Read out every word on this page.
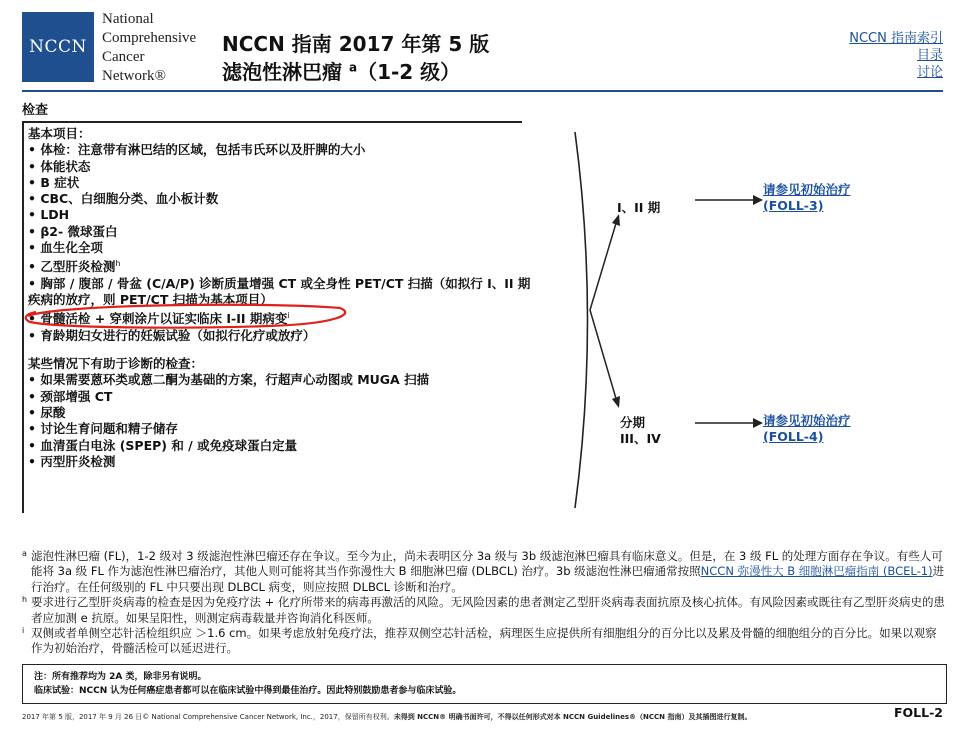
NCCN
National
Comprehensive
Cancer
Network®
NCCN 指南 2017 年第 5 版
滤泡性淋巴瘤 $^a$（1-2 级）
NCCN 指南索引
目录
讨论
检查
基本项目：
• 体检：注意带有淋巴结的区域，包括韦氏环以及肝脾的大小
• 体能状态
• B 症状
• CBC、白细胞分类、血小板计数
• LDH
• β2- 微球蛋白
• 血生化全项
• 乙型肝炎检测$^h$
• 胸部 / 腹部 / 骨盆 (C/A/P) 诊断质量增强 CT 或全身性 PET/CT 扫描（如拟行 I、II 期
疾病的放疗，则 PET/CT 扫描为基本项目）
• 骨髓活检 + 穿刺涂片以证实临床 I-II 期病变$^i$
• 育龄期妇女进行的妊娠试验（如拟行化疗或放疗）
某些情况下有助于诊断的检查：
• 如果需要蒽环类或蒽二酮为基础的方案，行超声心动图或 MUGA 扫描
• 颈部增强 CT
• 尿酸
• 讨论生育问题和精子储存
• 血清蛋白电泳 (SPEP) 和 / 或免疫球蛋白定量
• 丙型肝炎检测
I、II 期
分期
III、IV
请参见初始治疗
(FOLL-3)
请参见初始治疗
(FOLL-4)
a 滤泡性淋巴瘤 (FL)，1-2 级对 3 级滤泡性淋巴瘤还存在争议。至今为止，尚未表明区分 3a 级与 3b 级滤泡淋巴瘤具有临床意义。但是，在 3 级 FL 的处理方面存在争议。有些人可能将 3a 级 FL 作为滤泡性淋巴瘤治疗，其他人则可能将其当作弥漫性大 B 细胞淋巴瘤 (DLBCL) 治疗。3b 级滤泡性淋巴瘤通常按照NCCN 弥漫性大 B 细胞淋巴瘤指南 (BCEL-1)进行治疗。在任何级别的 FL 中只要出现 DLBCL 病变，则应按照 DLBCL 诊断和治疗。
h 要求进行乙型肝炎病毒的检查是因为免疫疗法 + 化疗所带来的病毒再激活的风险。无风险因素的患者测定乙型肝炎病毒表面抗原及核心抗体。有风险因素或既往有乙型肝炎病史的患者应加测 e 抗原。如果呈阳性，则测定病毒载量并咨询消化科医师。
i 双侧或者单侧空芯针活检组织应 ＞1.6 cm。如果考虑放射免疫疗法，推荐双侧空芯针活检，病理医生应提供所有细胞组分的百分比以及累及骨髓的细胞组分的百分比。如果以观察作为初始治疗，骨髓活检可以延迟进行。
注：所有推荐均为 2A 类，除非另有说明。
临床试验：NCCN 认为任何癌症患者都可以在临床试验中得到最佳治疗。因此特别鼓励患者参与临床试验。
2017 年第 5 版，2017 年 9 月 26 日© National Comprehensive Cancer Network, Inc.，2017，保留所有权利。未得到 NCCN® 明确书面许可，不得以任何形式对本 NCCN Guidelines®（NCCN 指南）及其插图进行复制。	FOLL-2
